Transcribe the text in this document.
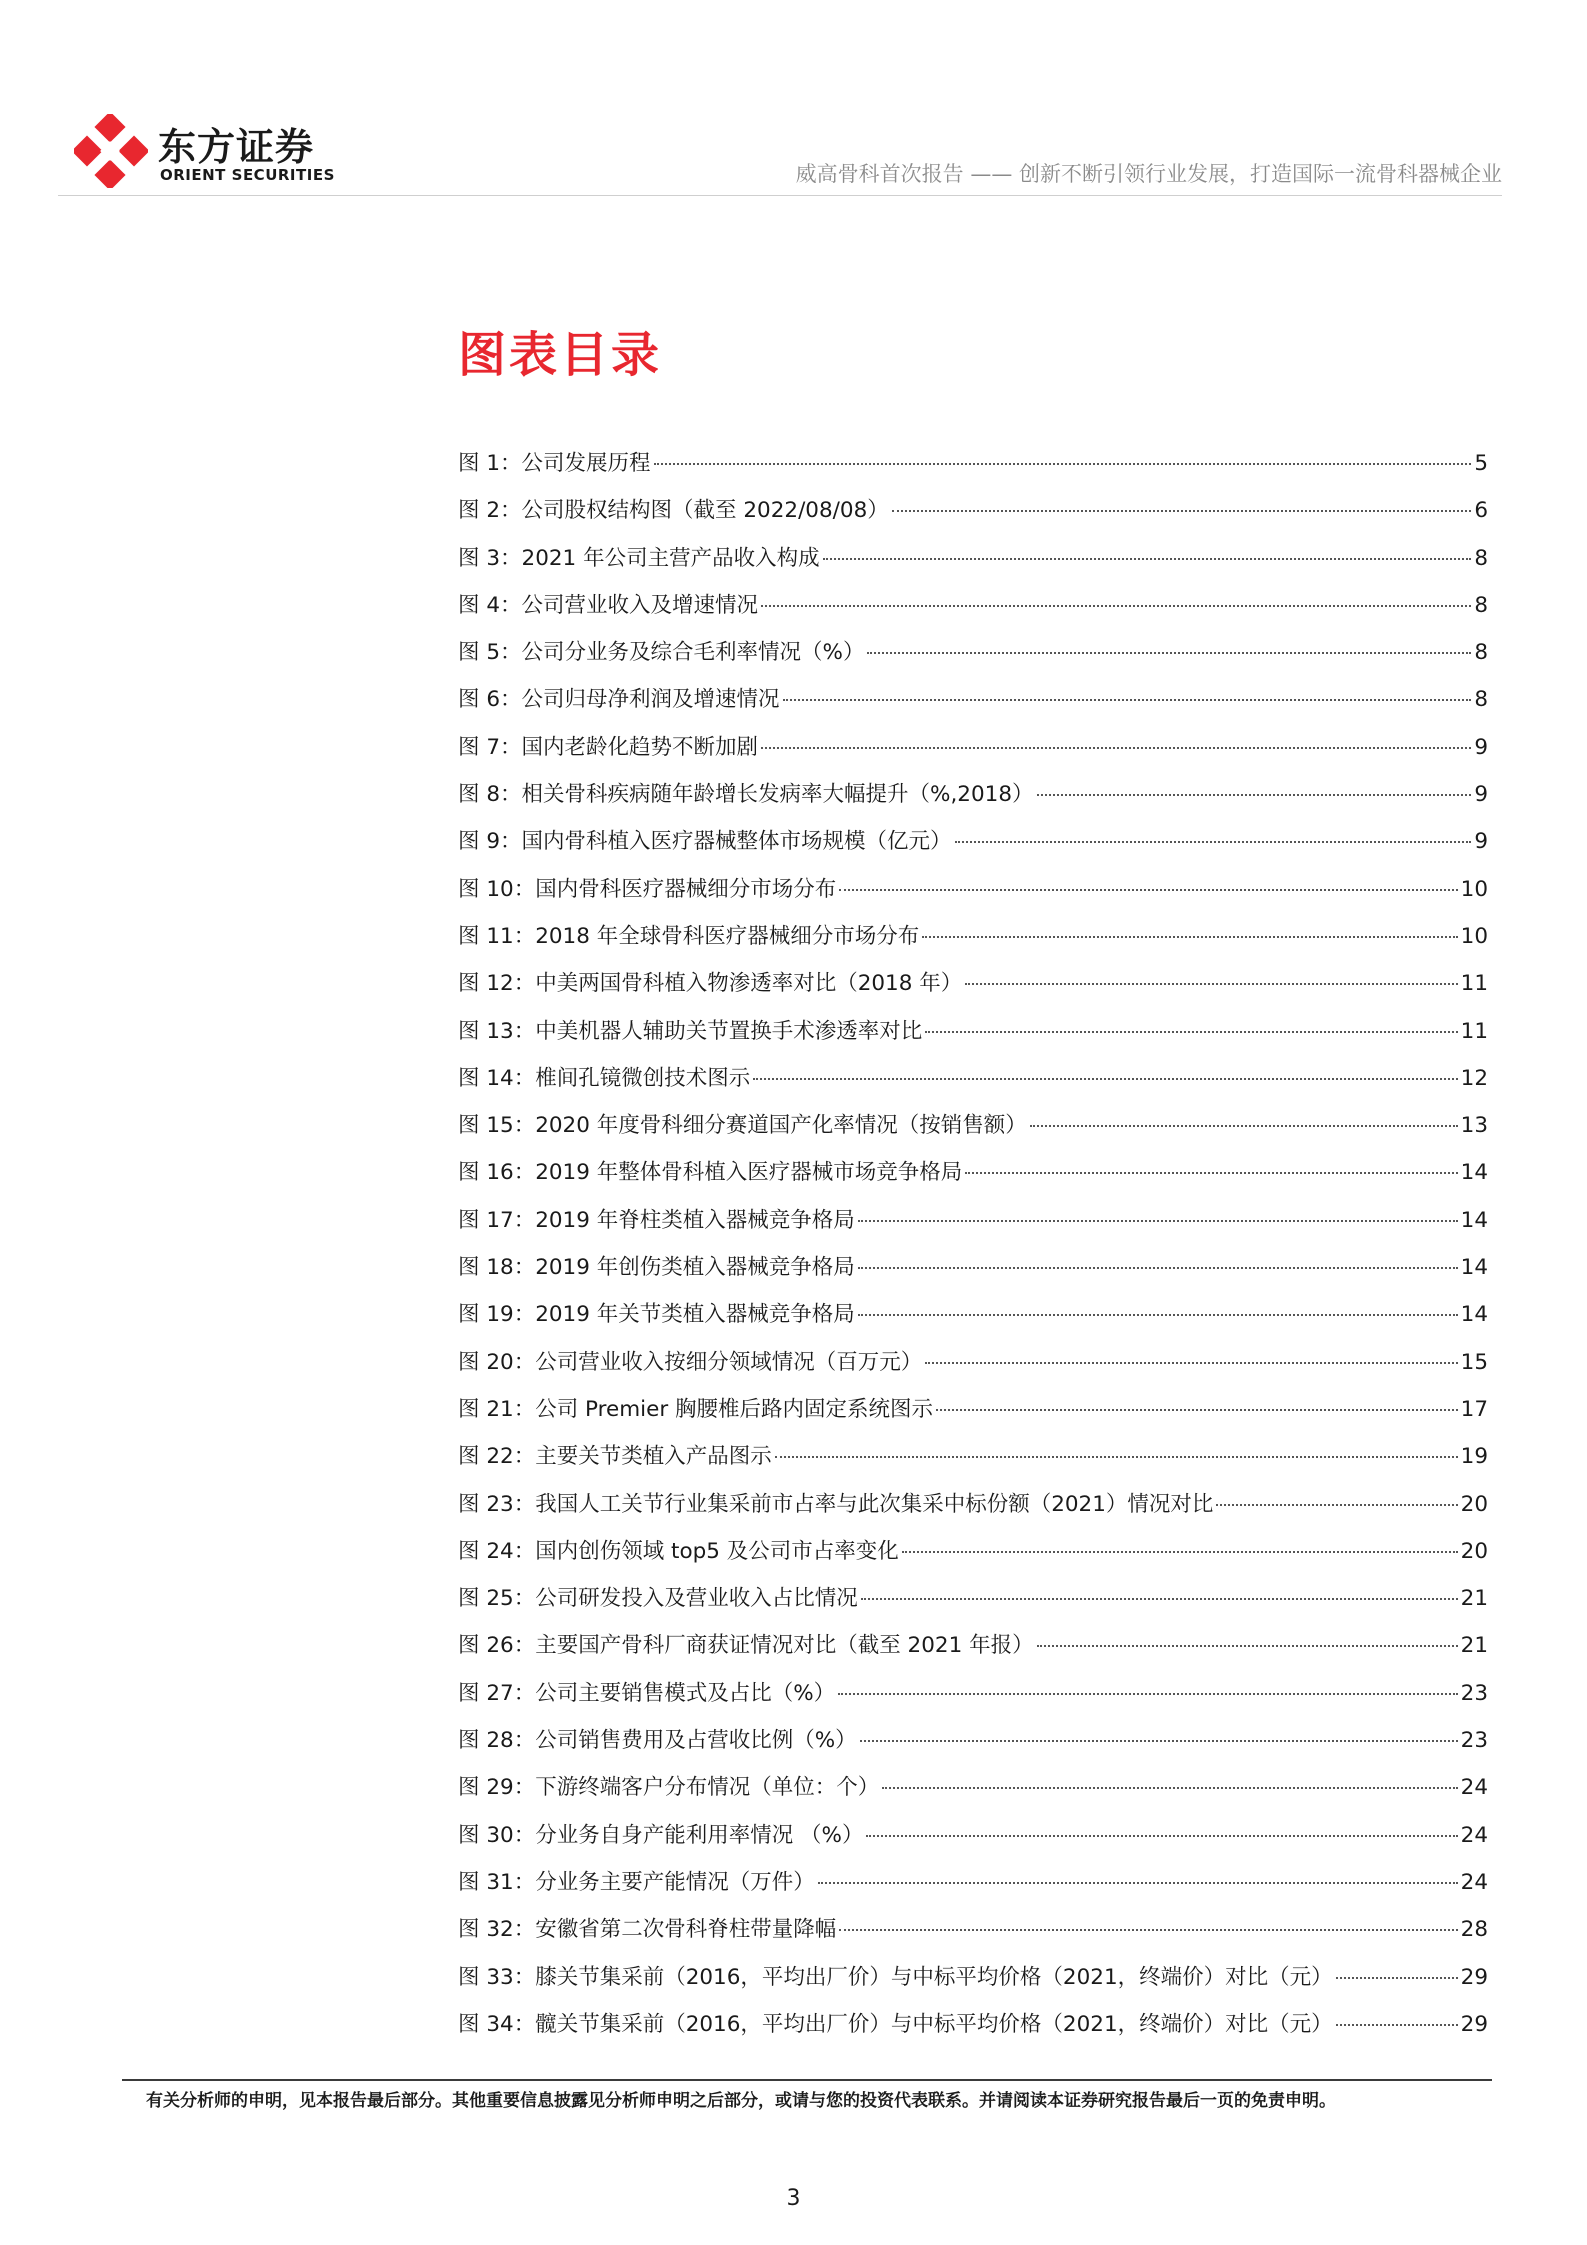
东方证券
ORIENT SECURITIES	威高骨科首次报告 —— 创新不断引领行业发展，打造国际一流骨科器械企业
图表目录
图 1：公司发展历程	5
图 2：公司股权结构图（截至 2022/08/08）	6
图 3：2021 年公司主营产品收入构成	8
图 4：公司营业收入及增速情况	8
图 5：公司分业务及综合毛利率情况（%）	8
图 6：公司归母净利润及增速情况	8
图 7：国内老龄化趋势不断加剧	9
图 8：相关骨科疾病随年龄增长发病率大幅提升（%,2018）	9
图 9：国内骨科植入医疗器械整体市场规模（亿元）	9
图 10：国内骨科医疗器械细分市场分布	10
图 11：2018 年全球骨科医疗器械细分市场分布	10
图 12：中美两国骨科植入物渗透率对比（2018 年）	11
图 13：中美机器人辅助关节置换手术渗透率对比	11
图 14：椎间孔镜微创技术图示	12
图 15：2020 年度骨科细分赛道国产化率情况（按销售额）	13
图 16：2019 年整体骨科植入医疗器械市场竞争格局	14
图 17：2019 年脊柱类植入器械竞争格局	14
图 18：2019 年创伤类植入器械竞争格局	14
图 19：2019 年关节类植入器械竞争格局	14
图 20：公司营业收入按细分领域情况（百万元）	15
图 21：公司 Premier 胸腰椎后路内固定系统图示	17
图 22：主要关节类植入产品图示	19
图 23：我国人工关节行业集采前市占率与此次集采中标份额（2021）情况对比	20
图 24：国内创伤领域 top5 及公司市占率变化	20
图 25：公司研发投入及营业收入占比情况	21
图 26：主要国产骨科厂商获证情况对比（截至 2021 年报）	21
图 27：公司主要销售模式及占比（%）	23
图 28：公司销售费用及占营收比例（%）	23
图 29：下游终端客户分布情况（单位：个）	24
图 30：分业务自身产能利用率情况 （%）	24
图 31：分业务主要产能情况（万件）	24
图 32：安徽省第二次骨科脊柱带量降幅	28
图 33：膝关节集采前（2016，平均出厂价）与中标平均价格（2021，终端价）对比（元）	29
图 34：髋关节集采前（2016，平均出厂价）与中标平均价格（2021，终端价）对比（元）	29
有关分析师的申明，见本报告最后部分。其他重要信息披露见分析师申明之后部分，或请与您的投资代表联系。并请阅读本证券研究报告最后一页的免责申明。
3
